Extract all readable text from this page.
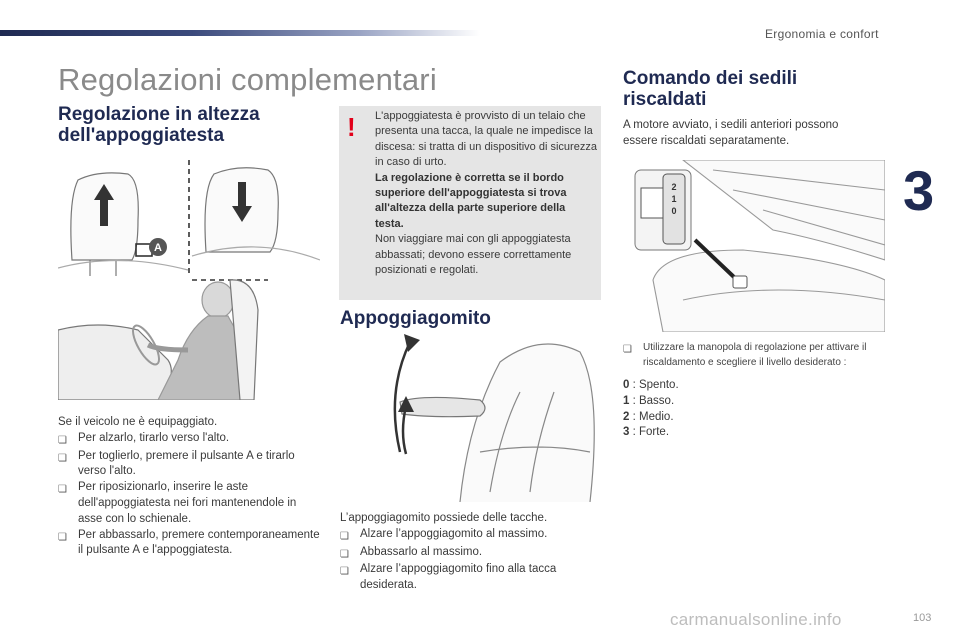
Ergonomia e confort
3
Regolazioni complementari
Regolazione in altezza dell'appoggiatesta
A
Se il veicolo ne è equipaggiato.
❏ Per alzarlo, tirarlo verso l'alto.
❏ Per toglierlo, premere il pulsante A e tirarlo verso l'alto.
❏ Per riposizionarlo, inserire le aste dell'appoggiatesta nei fori mantenendole in asse con lo schienale.
❏ Per abbassarlo, premere contemporaneamente il pulsante A e l'appoggiatesta.
! L'appoggiatesta è provvisto di un telaio che presenta una tacca, la quale ne impedisce la discesa: si tratta di un dispositivo di sicurezza in caso di urto.
La regolazione è corretta se il bordo superiore dell'appoggiatesta si trova all'altezza della parte superiore della testa.
Non viaggiare mai con gli appoggiatesta abbassati; devono essere correttamente posizionati e regolati.
Appoggiagomito
L’appoggiagomito possiede delle tacche.
❏ Alzare l’appoggiagomito al massimo.
❏ Abbassarlo al massimo.
❏ Alzare l’appoggiagomito fino alla tacca desiderata.
Comando dei sedili riscaldati
A motore avviato, i sedili anteriori possono essere riscaldati separatamente.
2
1
0
❏	Utilizzare la manopola di regolazione per attivare il riscaldamento e scegliere il livello desiderato :
0 : Spento.
1 : Basso.
2 : Medio.
3 : Forte.
carmanualsonline.info	103
